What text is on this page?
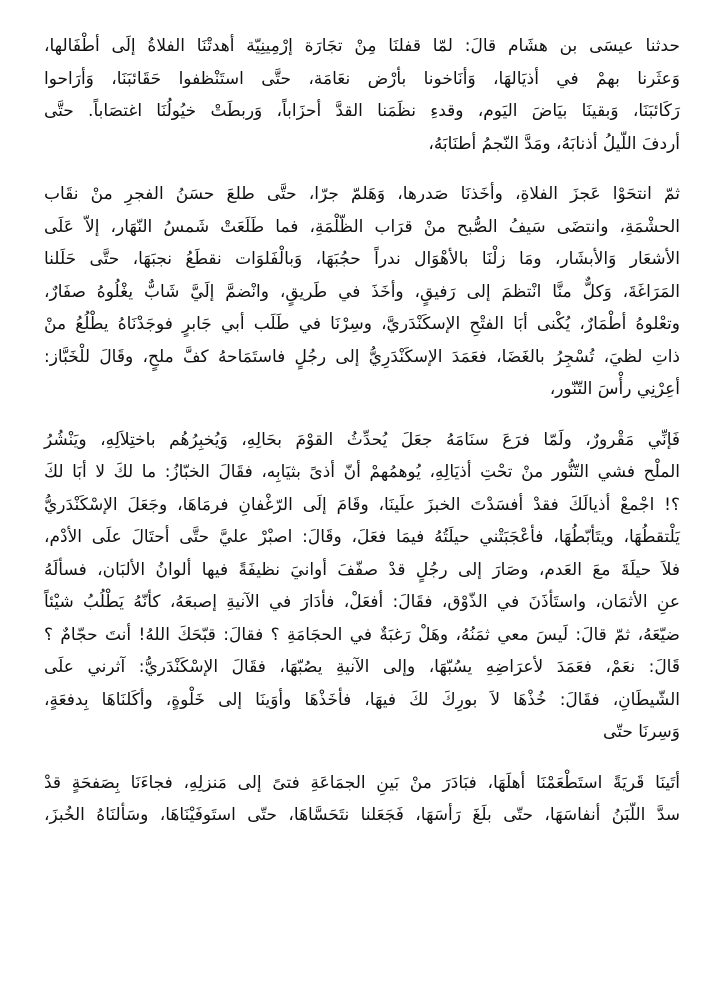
حدثنا عيسَى بن هشَام قالَ: لمّا قفلنَا مِنْ تجَارَة إرْمِينِيّة أهدتْنَا الفلاةُ إلَى أطْفَالها،
وَعثَرنا بهمْ في أذيَالهَا، وَأنَاخونا بأرْض نعَامَة، حتَّى استَنْظفوا حَقَائبَنَا، وَأرَاحوا
رَكَائبَنَا، وَبقينَا بيَاضَ اليَوم، وقدءِ نظَمَنا القدَّ أحزَاباً، وَربطَتْ خيُولُنَا اغتصَاباً. حتَّى
أردفَ اللّيلُ أذنابَهُ، ومَدَّ النّجمُ أطنَابَهُ،

ثمّ انتحَوْا عَجزَ الفلاةِ، وأخَذنَا صَدرها، وَهَلمّ جرّا، حتَّى طلعَ حسَنُ الفجرِ منْ نقَاب
الحشْمَةِ، وانتضَى سَيفُ الصُّبح منْ قرَاب الظّلْمَةِ، فما طَلَعَتْ شَمسُ النّهَار، إلاّ عَلَى
الأشعَار وَالأبشَار، ومَا زلْنَا بالأهْوَال ندراً حجُبَهَا، وَبالْفَلوَات نقطَعُ نجبَهَا، حتَّى حَلَلنا
المَرَاغَةَ، وَكلٌّ منَّا انْتظمَ إلى رَفيقٍ، وأخَذَ في طَريقٍ، وانْضمَّ إلَيَّ شَابٌّ يغْلُوهُ صفَارٌ،
وتعْلوهُ أطْمَارٌ، يُكْنى أبَا الفتْحِ الإسكَنْدَريَّ، وسِرْنَا في طَلَب أبي جَابرٍ فوجَدْنَاهُ يطْلُعُ منْ
ذاتِ لظيَ، تُسْجِرُ بالغَضَا، فعَمَدَ الإسكَنْدَرِيُّ إلى رجُلٍ فاستَمَاحهُ كفَّ ملحٍ، وقَالَ للْخَبَّاز:
أعِرْنِي رأْسَ التّنّور،

فَإنِّي مَقْرورٌ، ولَمّا فرَعَ سنَامَهُ جعَلَ يُحدِّثُ القوْمَ بحَالِهِ، وَيُخبِرُهُم باختِلاَلِهِ، ويَنْشُرُ
الملْح فشي التّنُّور منْ تحْتِ أذيَالِهِ، يُوهمُهمْ أنّ أذىً بثيَابِه، فقَالَ الخبّازُ: ما لكَ لا أبَا لكَ
؟! اجْمعْ أذيالَكَ فقدْ أفسَدْتَ الخبزَ علَينَا، وقَامَ إلَى الرّغْفانِ فرمَاهَا، وجَعَلَ الإسْكَنْدَريُّ
يَلْتقطُهَا، ويتَأبّطُهَا، فأعْجَبَتْني حيلَتُهُ فيمَا فعَلَ، وقَالَ: اصبْرْ عليَّ حتَّى أحتَالَ علَى الأدْم،
فلاَ حيلَةَ معَ العَدم، وصَارَ إلى رجُلٍ قدْ صفّفَ أوانيَ نظيفَةً فيها ألوانُ الألبَان، فسألَهُ
عنِ الأثمَان، واستَأذَنَ في الذّوْق، فقَالَ: أفعَلْ، فأدَارَ في الآنيةِ إصبعَهُ، كأنّهُ يَطْلُبُ شيْئاً
ضيّعَهُ، ثمّ قالَ: لَيسَ معي ثمَنُهُ، وهَلْ رَغبَةٌ في الحجَامَةِ ؟ فقالَ: قبّحَكَ اللهُ! أنتَ حجّامٌ ؟
قَالَ: نعَمْ، فعَمَدَ لأعرَاضِهِ يسُبّهَا، وإلى الآنيةِ يصُبّهَا، فقَالَ الإسْكَنْدَريُّ: آثرني علَى
الشّيطَانِ، فقَالَ: خُذْهَا لاَ بورِكَ لكَ فيهَا، فأخَذْهَا وأوَينَا إلى خَلْوةٍ، وأكَلنَاهَا بِدفعَةٍ،
وَسِرنَا حتّى

أتَينَا قَريَةً استَطْعَمْنَا أهلَهَا، فبَادَرَ منْ بَينِ الجمَاعَةِ فتىً إلى مَنزلِهِ، فجاءَنَا بِصَفحَةٍ قدْ
سدَّ اللّبَنُ أنفاسَهَا، حتّى بلَغَ رَأسَهَا، فَجَعَلنا نتَحَسَّاهَا، حتّى استَوفَيْنَاهَا، وسَألنَاهُ الخُبزَ،
